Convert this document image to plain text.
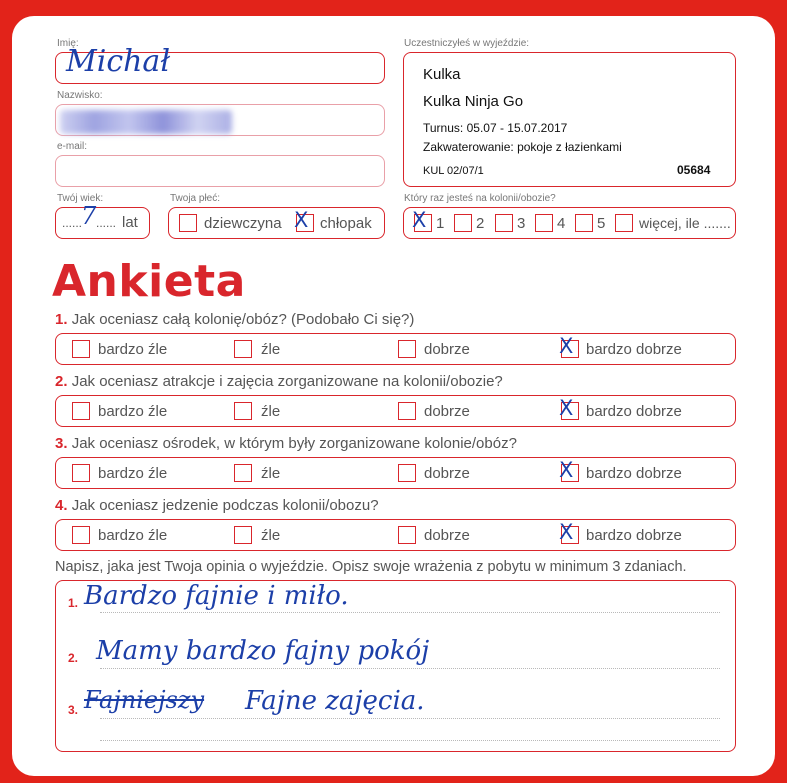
Imię:
Michał
Nazwisko:
e-mail:
Uczestniczyłeś w wyjeździe:
Kulka
Kulka Ninja Go
Turnus: 05.07 - 15.07.2017
Zakwaterowanie: pokoje z łazienkami
KUL 02/07/1	05684
Twój wiek:
......
7 ...... lat
Twoja płeć:
dziewczyna X chłopak
Który raz jesteś na kolonii/obozie?
X 1 2 3 4 5 więcej, ile .......
Ankieta
1. Jak oceniasz całą kolonię/obóz? (Podobało Ci się?)
bardzo źle	źle	dobrze	X bardzo dobrze
2. Jak oceniasz atrakcje i zajęcia zorganizowane na kolonii/obozie?
bardzo źle	źle	dobrze	X bardzo dobrze
3. Jak oceniasz ośrodek, w którym były zorganizowane kolonie/obóz?
bardzo źle	źle	dobrze	X bardzo dobrze
4. Jak oceniasz jedzenie podczas kolonii/obozu?
bardzo źle	źle	dobrze	X bardzo dobrze
Napisz, jaka jest Twoja opinia o wyjeździe. Opisz swoje wrażenia z pobytu w minimum 3 zdaniach.
1.
2.
3.
Bardzo fajnie i miło.
Mamy bardzo fajny pokój
Fajniejszy Fajne zajęcia.
